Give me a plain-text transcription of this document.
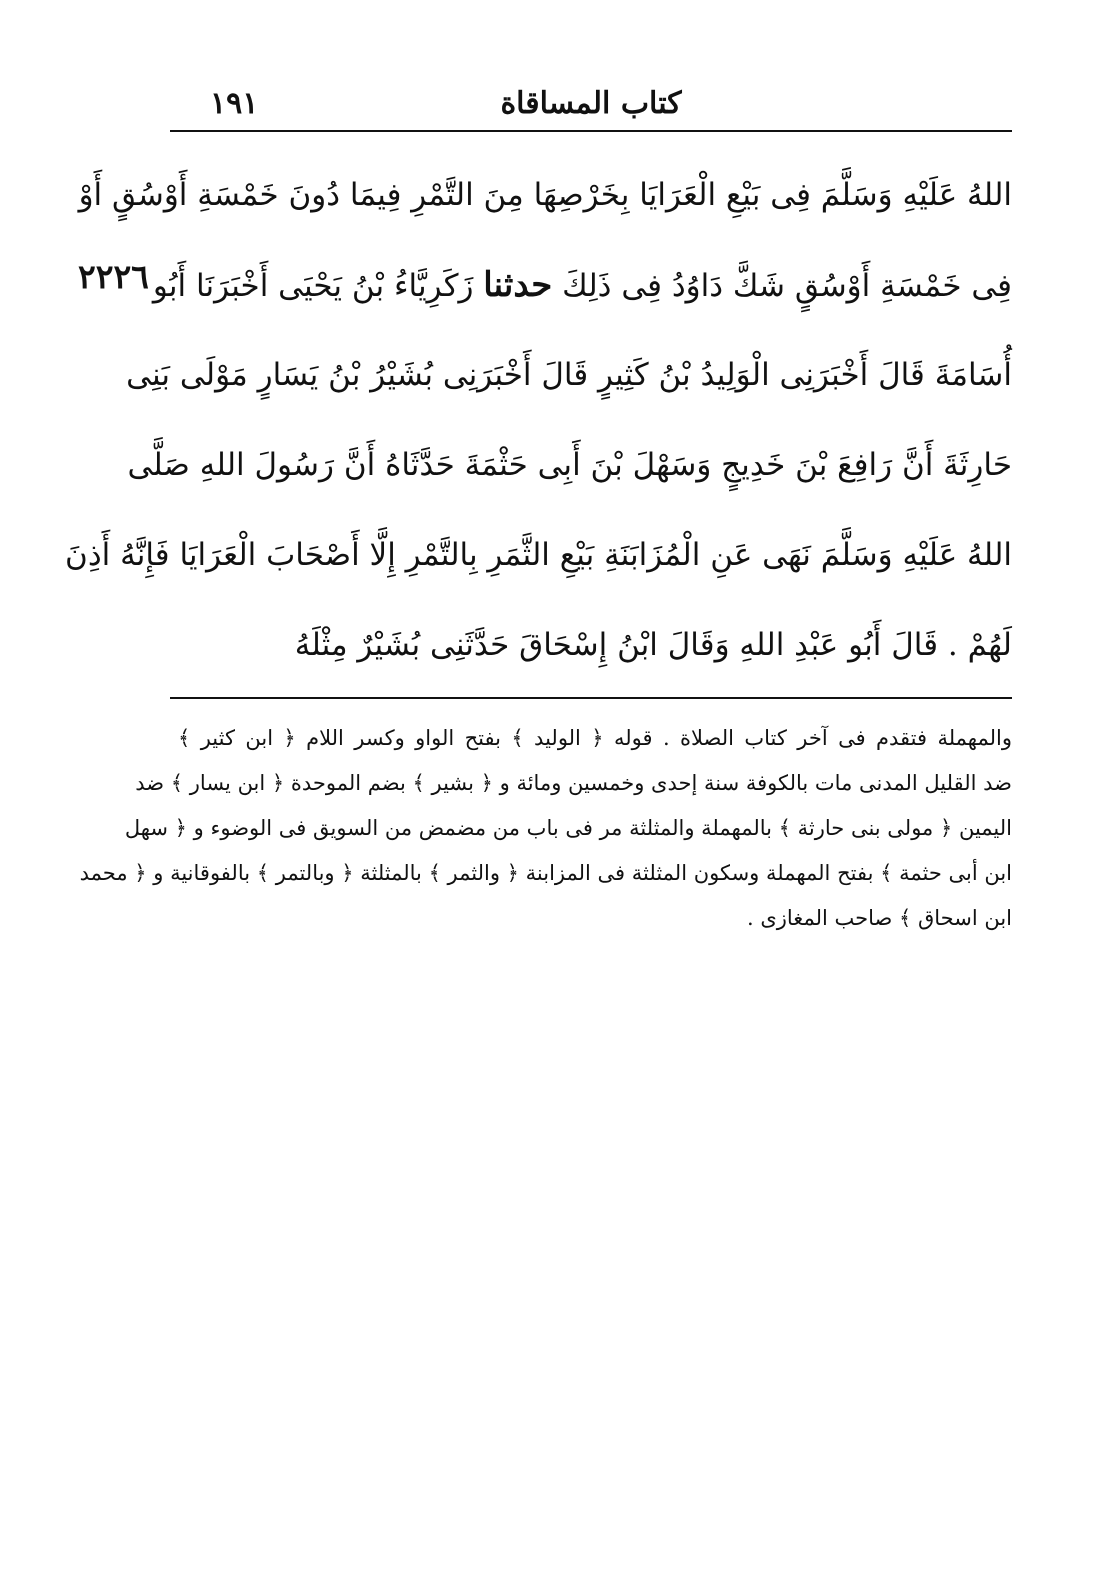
كتاب المساقاة
١٩١
٢٢٢٦
اللهُ عَلَيْهِ وَسَلَّمَ فِى بَيْعِ الْعَرَايَا بِخَرْصِهَا مِنَ التَّمْرِ فِيمَا دُونَ خَمْسَةِ أَوْسُقٍ أَوْ
فِى خَمْسَةِ أَوْسُقٍ شَكَّ دَاوُدُ فِى ذَلِكَ حدثنا زَكَرِيَّاءُ بْنُ يَحْيَى أَخْبَرَنَا أَبُو
أُسَامَةَ قَالَ أَخْبَرَنِى الْوَلِيدُ بْنُ كَثِيرٍ قَالَ أَخْبَرَنِى بُشَيْرُ بْنُ يَسَارٍ مَوْلَى بَنِى
حَارِثَةَ أَنَّ رَافِعَ بْنَ خَدِيجٍ وَسَهْلَ بْنَ أَبِى حَثْمَةَ حَدَّثَاهُ أَنَّ رَسُولَ اللهِ صَلَّى
اللهُ عَلَيْهِ وَسَلَّمَ نَهَى عَنِ الْمُزَابَنَةِ بَيْعِ الثَّمَرِ بِالتَّمْرِ إِلَّا أَصْحَابَ الْعَرَايَا فَإِنَّهُ أَذِنَ
لَهُمْ . قَالَ أَبُو عَبْدِ اللهِ وَقَالَ ابْنُ إِسْحَاقَ حَدَّثَنِى بُشَيْرٌ مِثْلَهُ
والمهملة فتقدم فى آخر كتاب الصلاة . قوله ﴿ الوليد ﴾ بفتح الواو وكسر اللام ﴿ ابن كثير ﴾
ضد القليل المدنى مات بالكوفة سنة إحدى وخمسين ومائة و ﴿ بشير ﴾ بضم الموحدة ﴿ ابن يسار ﴾ ضد
اليمين ﴿ مولى بنى حارثة ﴾ بالمهملة والمثلثة مر فى باب من مضمض من السويق فى الوضوء و ﴿ سهل
ابن أبى حثمة ﴾ بفتح المهملة وسكون المثلثة فى المزابنة ﴿ والثمر ﴾ بالمثلثة ﴿ وبالتمر ﴾ بالفوقانية و ﴿ محمد
ابن اسحاق ﴾ صاحب المغازى .
